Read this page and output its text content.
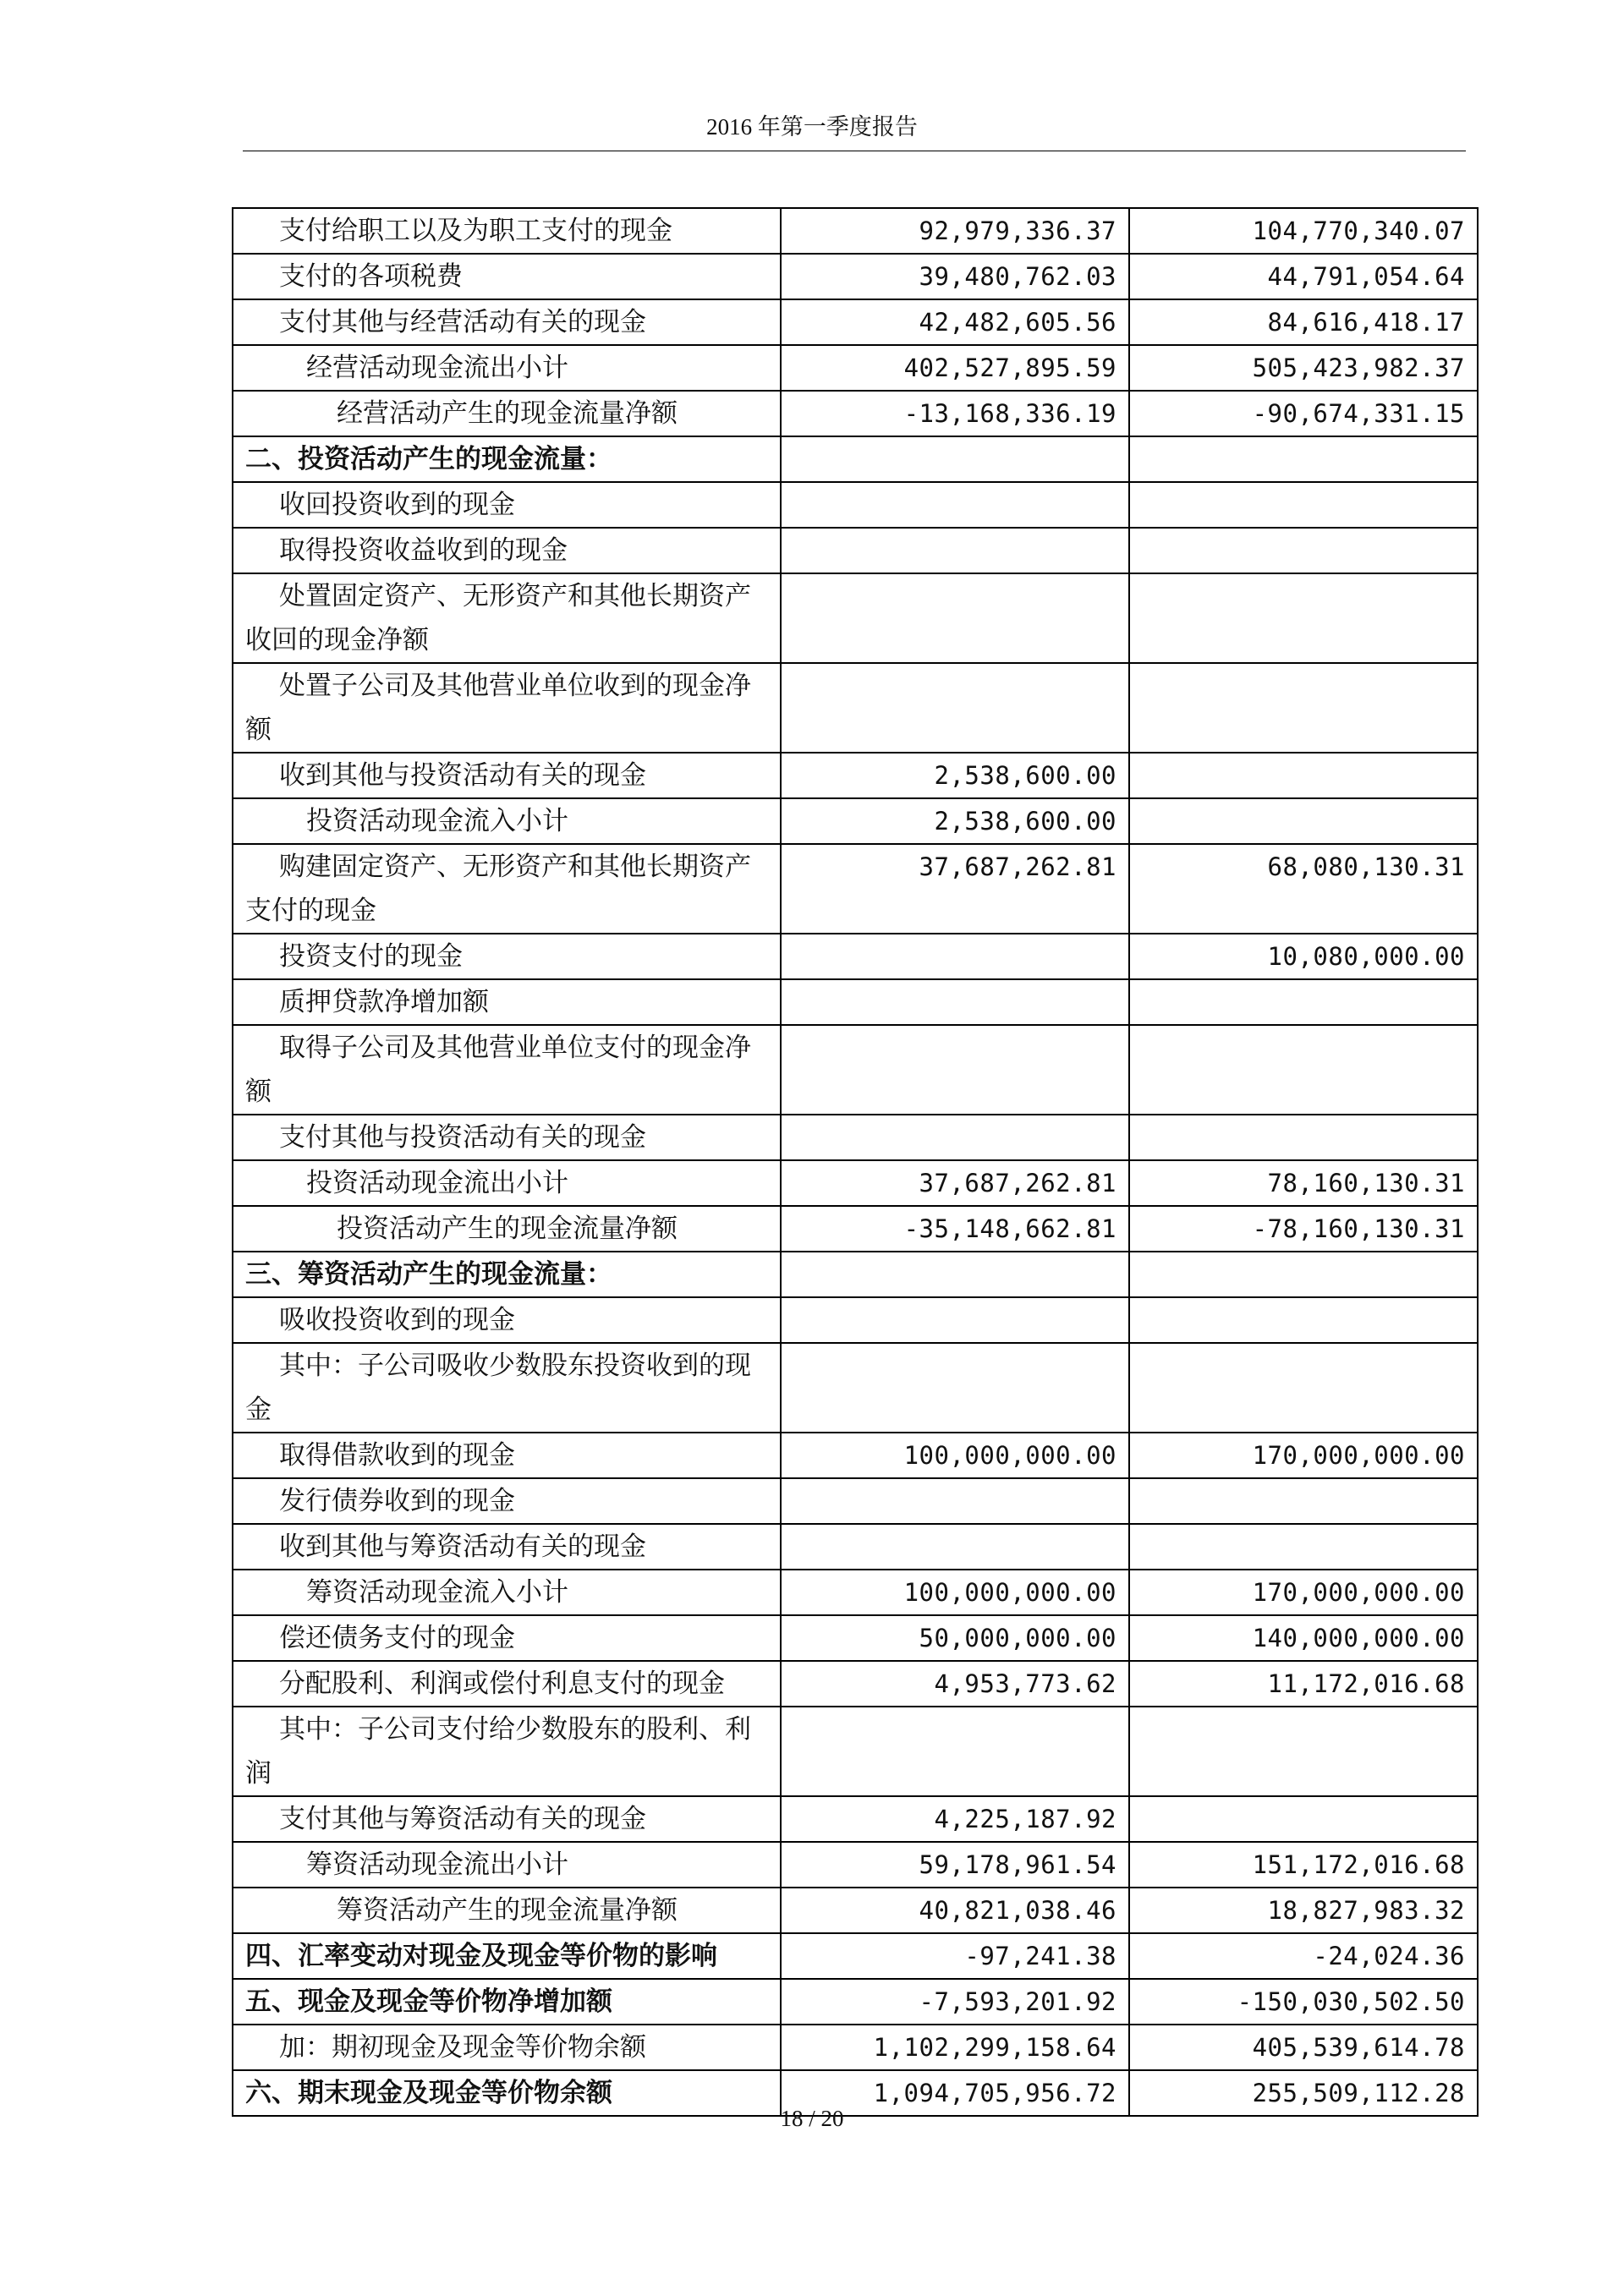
2016 年第一季度报告
支付给职工以及为职工支付的现金	92,979,336.37	104,770,340.07
支付的各项税费	39,480,762.03	44,791,054.64
支付其他与经营活动有关的现金	42,482,605.56	84,616,418.17
经营活动现金流出小计	402,527,895.59	505,423,982.37
经营活动产生的现金流量净额	-13,168,336.19	-90,674,331.15
二、投资活动产生的现金流量：		
收回投资收到的现金		
取得投资收益收到的现金		
处置固定资产、无形资产和其他长期资产收回的现金净额		
处置子公司及其他营业单位收到的现金净额		
收到其他与投资活动有关的现金	2,538,600.00	
投资活动现金流入小计	2,538,600.00	
购建固定资产、无形资产和其他长期资产支付的现金	37,687,262.81	68,080,130.31
投资支付的现金		10,080,000.00
质押贷款净增加额		
取得子公司及其他营业单位支付的现金净额		
支付其他与投资活动有关的现金		
投资活动现金流出小计	37,687,262.81	78,160,130.31
投资活动产生的现金流量净额	-35,148,662.81	-78,160,130.31
三、筹资活动产生的现金流量：		
吸收投资收到的现金		
其中：子公司吸收少数股东投资收到的现金		
取得借款收到的现金	100,000,000.00	170,000,000.00
发行债券收到的现金		
收到其他与筹资活动有关的现金		
筹资活动现金流入小计	100,000,000.00	170,000,000.00
偿还债务支付的现金	50,000,000.00	140,000,000.00
分配股利、利润或偿付利息支付的现金	4,953,773.62	11,172,016.68
其中：子公司支付给少数股东的股利、利润		
支付其他与筹资活动有关的现金	4,225,187.92	
筹资活动现金流出小计	59,178,961.54	151,172,016.68
筹资活动产生的现金流量净额	40,821,038.46	18,827,983.32
四、汇率变动对现金及现金等价物的影响	-97,241.38	-24,024.36
五、现金及现金等价物净增加额	-7,593,201.92	-150,030,502.50
加：期初现金及现金等价物余额	1,102,299,158.64	405,539,614.78
六、期末现金及现金等价物余额	1,094,705,956.72	255,509,112.28
18 / 20
